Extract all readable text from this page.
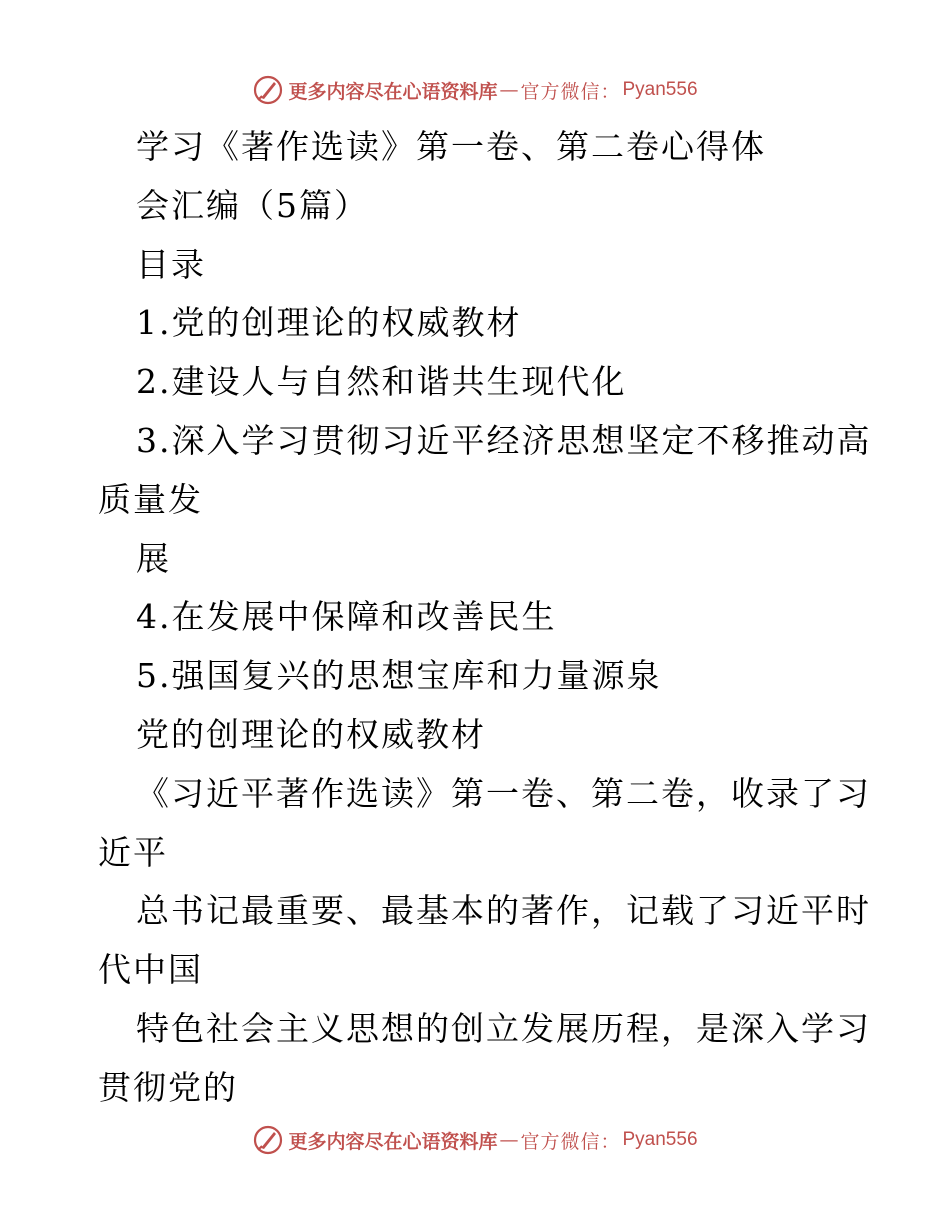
更多内容尽在心语资料库 — 官方微信： Pyan556
学习《著作选读》第一卷、第二卷心得体
会汇编（5篇）
目录
1.党的创理论的权威教材
2.建设人与自然和谐共生现代化
3.深入学习贯彻习近平经济思想坚定不移推动高
质量发
展
4.在发展中保障和改善民生
5.强国复兴的思想宝库和力量源泉
党的创理论的权威教材
《习近平著作选读》第一卷、第二卷，收录了习
近平
总书记最重要、最基本的著作，记载了习近平时
代中国
特色社会主义思想的创立发展历程，是深入学习
贯彻党的
更多内容尽在心语资料库 — 官方微信： Pyan556
